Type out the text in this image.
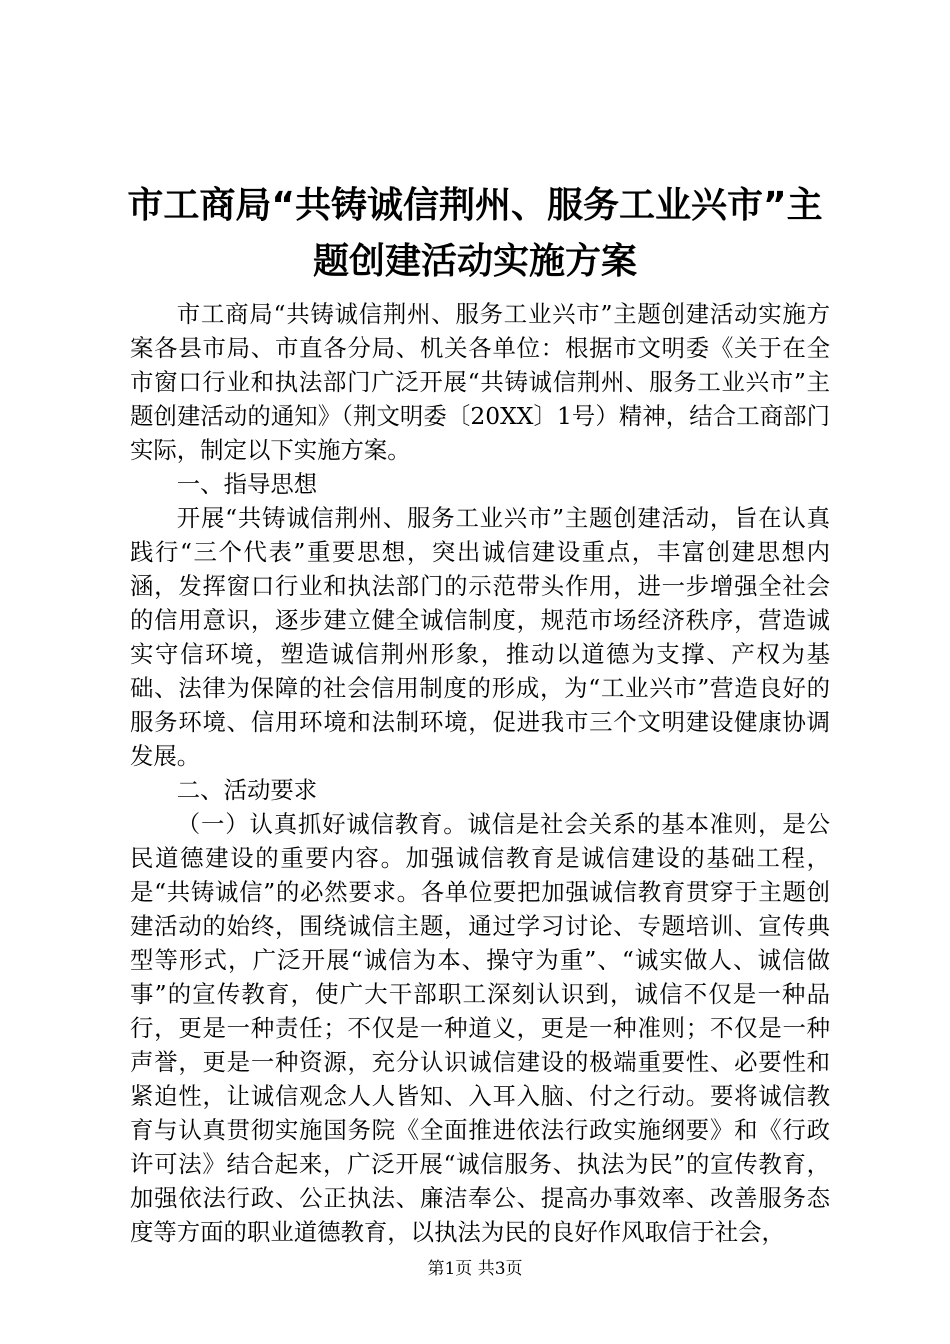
市工商局“共铸诚信荆州、服务工业兴市”主
题创建活动实施方案

市工商局“共铸诚信荆州、服务工业兴市”主题创建活动实施方案各县市局、市直各分局、机关各单位：根据市文明委《关于在全市窗口行业和执法部门广泛开展“共铸诚信荆州、服务工业兴市”主题创建活动的通知》（荆文明委〔20XX〕1号）精神，结合工商部门实际，制定以下实施方案。

一、指导思想

开展“共铸诚信荆州、服务工业兴市”主题创建活动，旨在认真践行“三个代表”重要思想，突出诚信建设重点，丰富创建思想内涵，发挥窗口行业和执法部门的示范带头作用，进一步增强全社会的信用意识，逐步建立健全诚信制度，规范市场经济秩序，营造诚实守信环境，塑造诚信荆州形象，推动以道德为支撑、产权为基础、法律为保障的社会信用制度的形成，为“工业兴市”营造良好的服务环境、信用环境和法制环境，促进我市三个文明建设健康协调发展。

二、活动要求

（一）认真抓好诚信教育。诚信是社会关系的基本准则，是公民道德建设的重要内容。加强诚信教育是诚信建设的基础工程，是“共铸诚信”的必然要求。各单位要把加强诚信教育贯穿于主题创建活动的始终，围绕诚信主题，通过学习讨论、专题培训、宣传典型等形式，广泛开展“诚信为本、操守为重”、“诚实做人、诚信做事”的宣传教育，使广大干部职工深刻认识到，诚信不仅是一种品行，更是一种责任；不仅是一种道义，更是一种准则；不仅是一种声誉，更是一种资源，充分认识诚信建设的极端重要性、必要性和紧迫性，让诚信观念人人皆知、入耳入脑、付之行动。要将诚信教育与认真贯彻实施国务院《全面推进依法行政实施纲要》和《行政许可法》结合起来，广泛开展“诚信服务、执法为民”的宣传教育，加强依法行政、公正执法、廉洁奉公、提高办事效率、改善服务态度等方面的职业道德教育，以执法为民的良好作风取信于社会，

第1页 共3页
